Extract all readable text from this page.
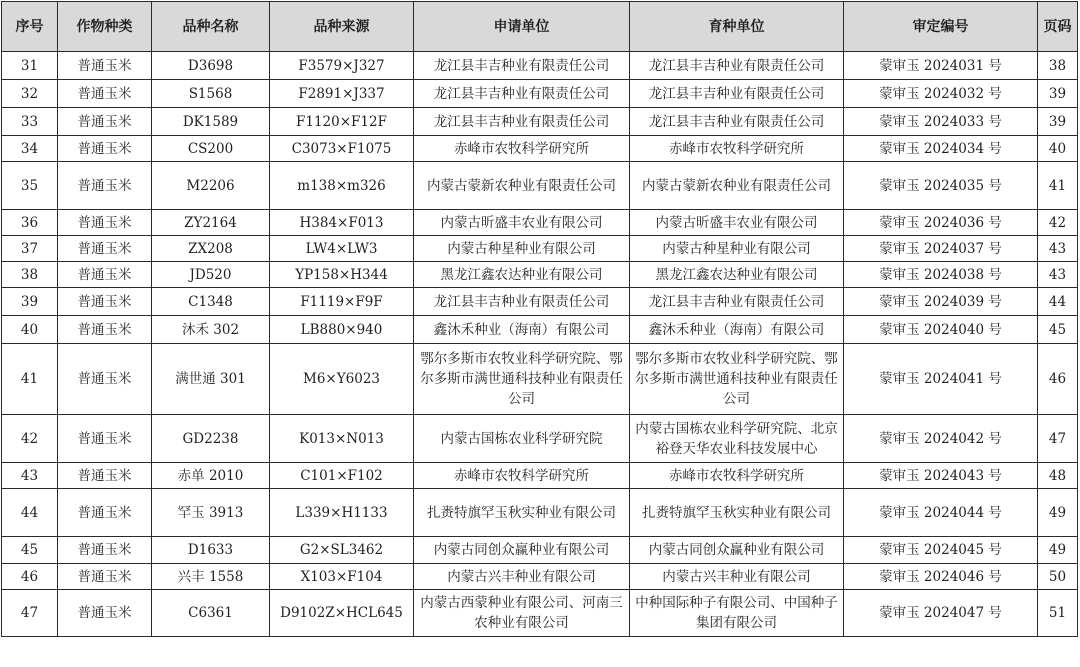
序号	作物种类	品种名称	品种来源	申请单位	育种单位	审定编号	页码
31	普通玉米	D3698	F3579×J327	龙江县丰吉种业有限责任公司	龙江县丰吉种业有限责任公司	蒙审玉 2024031 号	38
32	普通玉米	S1568	F2891×J337	龙江县丰吉种业有限责任公司	龙江县丰吉种业有限责任公司	蒙审玉 2024032 号	39
33	普通玉米	DK1589	F1120×F12F	龙江县丰吉种业有限责任公司	龙江县丰吉种业有限责任公司	蒙审玉 2024033 号	39
34	普通玉米	CS200	C3073×F1075	赤峰市农牧科学研究所	赤峰市农牧科学研究所	蒙审玉 2024034 号	40
35	普通玉米	M2206	m138×m326	内蒙古蒙新农种业有限责任公司	内蒙古蒙新农种业有限责任公司	蒙审玉 2024035 号	41
36	普通玉米	ZY2164	H384×F013	内蒙古昕盛丰农业有限公司	内蒙古昕盛丰农业有限公司	蒙审玉 2024036 号	42
37	普通玉米	ZX208	LW4×LW3	内蒙古种星种业有限公司	内蒙古种星种业有限公司	蒙审玉 2024037 号	43
38	普通玉米	JD520	YP158×H344	黑龙江鑫农达种业有限公司	黑龙江鑫农达种业有限公司	蒙审玉 2024038 号	43
39	普通玉米	C1348	F1119×F9F	龙江县丰吉种业有限责任公司	龙江县丰吉种业有限责任公司	蒙审玉 2024039 号	44
40	普通玉米	沐禾 302	LB880×940	鑫沐禾种业（海南）有限公司	鑫沐禾种业（海南）有限公司	蒙审玉 2024040 号	45
41	普通玉米	满世通 301	M6×Y6023	鄂尔多斯市农牧业科学研究院、鄂尔多斯市满世通科技种业有限责任公司	鄂尔多斯市农牧业科学研究院、鄂尔多斯市满世通科技种业有限责任公司	蒙审玉 2024041 号	46
42	普通玉米	GD2238	K013×N013	内蒙古国栋农业科学研究院	内蒙古国栋农业科学研究院、北京裕登天华农业科技发展中心	蒙审玉 2024042 号	47
43	普通玉米	赤单 2010	C101×F102	赤峰市农牧科学研究所	赤峰市农牧科学研究所	蒙审玉 2024043 号	48
44	普通玉米	罕玉 3913	L339×H1133	扎赉特旗罕玉秋实种业有限公司	扎赉特旗罕玉秋实种业有限公司	蒙审玉 2024044 号	49
45	普通玉米	D1633	G2×SL3462	内蒙古同创众赢种业有限公司	内蒙古同创众赢种业有限公司	蒙审玉 2024045 号	49
46	普通玉米	兴丰 1558	X103×F104	内蒙古兴丰种业有限公司	内蒙古兴丰种业有限公司	蒙审玉 2024046 号	50
47	普通玉米	C6361	D9102Z×HCL645	内蒙古西蒙种业有限公司、河南三农种业有限公司	中种国际种子有限公司、中国种子集团有限公司	蒙审玉 2024047 号	51
